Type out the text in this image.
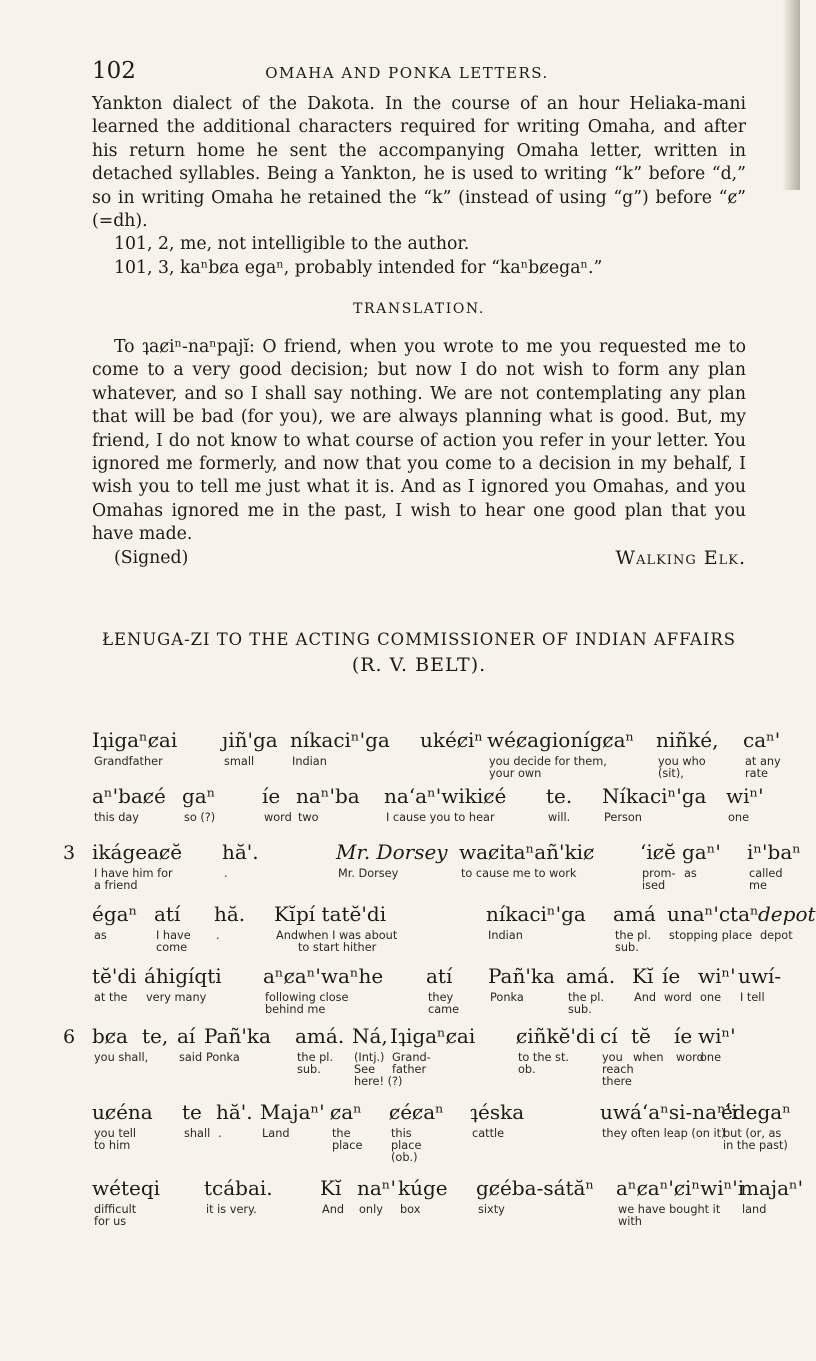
102	OMAHA AND PONKA LETTERS.

Yankton dialect of the Dakota. In the course of an hour Heliaka-mani learned the additional characters required for writing Omaha, and after his return home he sent the accompanying Omaha letter, written in detached syllables. Being a Yankton, he is used to writing “k” before “d,” so in writing Omaha he retained the “k” (instead of using “g”) before “ȼ” (=dh).

101, 2, me, not intelligible to the author.

101, 3, kaⁿbȼa egaⁿ, probably intended for “kaⁿbȼegaⁿ.”

TRANSLATION.

To ʇaȼiⁿ-naⁿpajĭ: O friend, when you wrote to me you requested me to come to a very good decision; but now I do not wish to form any plan whatever, and so I shall say nothing. We are not contemplating any plan that will be bad (for you), we are always planning what is good. But, my friend, I do not know to what course of action you refer in your letter. You ignored me formerly, and now that you come to a decision in my behalf, I wish you to tell me just what it is. And as I ignored you Omahas, and you Omahas ignored me in the past, I wish to hear one good plan that you have made.

(Signed)	Walking Elk.

ŁENUGA-ZI TO THE ACTING COMMISSIONER OF INDIAN AFFAIRS
(R. V. BELT).
Iʇigaⁿȼai
Grandfather
ȷiñ'ga
small
níkaciⁿ'ga
Indian
ukéȼiⁿ wéȼagionígȼaⁿ
you decide for them,
your own
niñké,
you who
(sit),
caⁿ'
at any
rate
aⁿ'baȼé
this day
gaⁿ
so (?)
íe
word
naⁿ'ba
two
na‘aⁿ'wikiȼé
I cause you to hear
te.
will.
Níkaciⁿ'ga
Person
wiⁿ'
one
3 ikágeaȼĕ
I have him for
a friend
hă'.
.
Mr. Dorsey
Mr. Dorsey
waȼitaⁿañ'kiȼ
to cause me to work
‘iȼĕ
prom-
ised
gaⁿ'
as
iⁿ'baⁿ
called
me
égaⁿ
as
atí
I have
come
hă.
.
Kĭ
And
pí tatĕ'di
when I was about
to start hither
níkaciⁿ'ga
Indian
amá
the pl.
sub.
unaⁿ'ctaⁿ
stopping place
depot
depot
tĕ'di
at the
áhigíqti
very many
aⁿȼaⁿ'waⁿhe
following close
behind me
atí
they
came
Pañ'ka
Ponka
amá.
the pl.
sub.
Kĭ
And
íe
word
wiⁿ'
one
uwí-
I tell
6 bȼa
you shall,
te, aí
said
Pañ'ka
Ponka
amá.
the pl.
sub.
Ná,
(Intj.)
See
here! (?)
Iʇigaⁿȼai
Grand-
father
ȼiñkĕ'di
to the st.
ob.
cí
you
reach
there
tĕ
when
íe
word
wiⁿ'
one
uȼéna
you tell
to him
te
shall
hă'.
.
Majaⁿ'
Land
ȼaⁿ
the
place
ȼéȼaⁿ
this
place
(ob.)
ʇéska
cattle
uwá‘aⁿsi-naⁿ'i
they often leap (on it)
édegaⁿ
but (or, as
in the past)
wéteqi
difficult
for us
tcábai.
it is very.
Kĭ
And
naⁿ'
only
kúge
box
gȼéba-sátăⁿ
sixty
aⁿȼaⁿ'ȼiⁿwiⁿ'i
we have bought it
with
majaⁿ'
land
